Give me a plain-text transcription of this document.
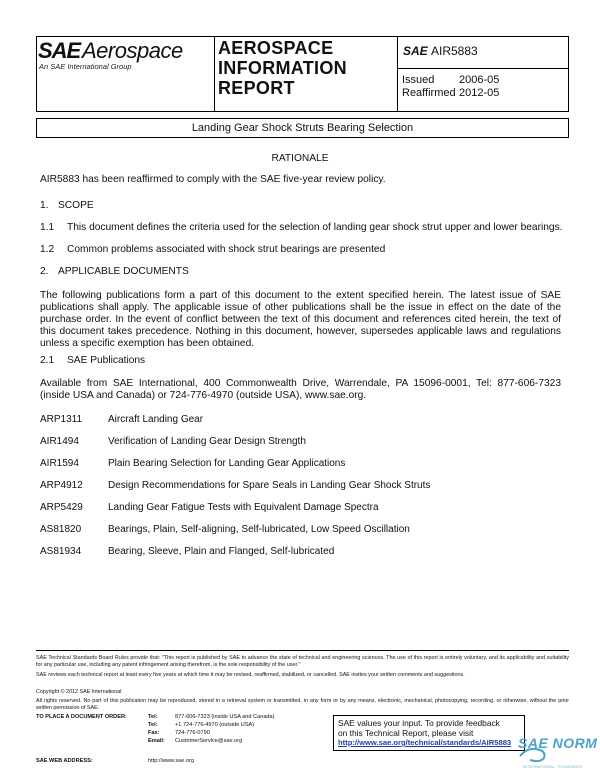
SAE Aerospace
An SAE International Group
AEROSPACE
INFORMATION
REPORT
SAE AIR5883
Issued 2006-05
Reaffirmed 2012-05
Landing Gear Shock Struts Bearing Selection
RATIONALE
AIR5883 has been reaffirmed to comply with the SAE five-year review policy.
1. SCOPE
1.1 This document defines the criteria used for the selection of landing gear shock strut upper and lower bearings.
1.2 Common problems associated with shock strut bearings are presented
2. APPLICABLE DOCUMENTS
The following publications form a part of this document to the extent specified herein. The latest issue of SAE publications shall apply. The applicable issue of other publications shall be the issue in effect on the date of the purchase order. In the event of conflict between the text of this document and references cited herein, the text of this document takes precedence. Nothing in this document, however, supersedes applicable laws and regulations unless a specific exemption has been obtained.
2.1 SAE Publications
Available from SAE International, 400 Commonwealth Drive, Warrendale, PA 15096-0001, Tel: 877-606-7323 (inside USA and Canada) or 724-776-4970 (outside USA), www.sae.org.
ARP1311	Aircraft Landing Gear
AIR1494	Verification of Landing Gear Design Strength
AIR1594	Plain Bearing Selection for Landing Gear Applications
ARP4912	Design Recommendations for Spare Seals in Landing Gear Shock Struts
ARP5429	Landing Gear Fatigue Tests with Equivalent Damage Spectra
AS81820	Bearings, Plain, Self-aligning, Self-lubricated, Low Speed Oscillation
AS81934	Bearing, Sleeve, Plain and Flanged, Self-lubricated
SAE Technical Standards Board Rules provide that: "This report is published by SAE to advance the state of technical and engineering sciences. The use of this report is entirely voluntary, and its applicability and suitability for any particular use, including any patent infringement arising therefrom, is the sole responsibility of the user."
SAE reviews each technical report at least every five years at which time it may be revised, reaffirmed, stabilized, or cancelled. SAE invites your written comments and suggestions.
Copyright © 2012 SAE International
All rights reserved. No part of this publication may be reproduced, stored in a retrieval system or transmitted, in any form or by any means, electronic, mechanical, photocopying, recording, or otherwise, without the prior written permission of SAE.
TO PLACE A DOCUMENT ORDER:	Tel:	877-606-7323 (inside USA and Canada)
Tel:	+1 724-776-4970 (outside USA)
Fax:	724-776-0790
Email: CustomerService@sae.org
SAE WEB ADDRESS:	http://www.sae.org
SAE values your input. To provide feedback
on this Technical Report, please visit
http://www.sae.org/technical/standards/AIR5883 SAE NORM
INTERNATIONAL · STANDARDS
